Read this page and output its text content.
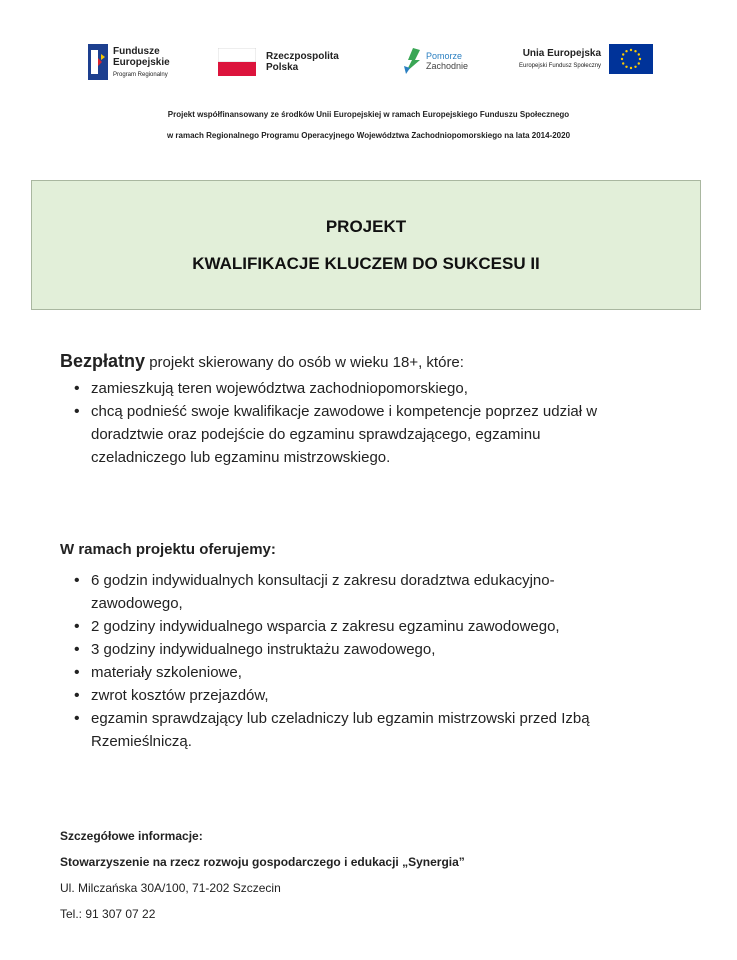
Fundusze
Europejskie
Program Regionalny
Rzeczpospolita
Polska
Pomorze
Zachodnie
Unia Europejska
Europejski Fundusz Społeczny
Projekt współfinansowany ze środków Unii Europejskiej w ramach Europejskiego Funduszu Społecznego
w ramach Regionalnego Programu Operacyjnego Województwa Zachodniopomorskiego na lata 2014-2020
PROJEKT
KWALIFIKACJE KLUCZEM DO SUKCESU II
Bezpłatny projekt skierowany do osób w wieku 18+, które:
• zamieszkują teren województwa zachodniopomorskiego,
• chcą podnieść swoje kwalifikacje zawodowe i kompetencje poprzez udział w doradztwie oraz podejście do egzaminu sprawdzającego, egzaminu czeladniczego lub egzaminu mistrzowskiego.
W ramach projektu oferujemy:
• 6 godzin indywidualnych konsultacji z zakresu doradztwa edukacyjno-zawodowego,
• 2 godziny indywidualnego wsparcia z zakresu egzaminu zawodowego,
• 3 godziny indywidualnego instruktażu zawodowego,
• materiały szkoleniowe,
• zwrot kosztów przejazdów,
• egzamin sprawdzający lub czeladniczy lub egzamin mistrzowski przed Izbą Rzemieślniczą.
Szczegółowe informacje:
Stowarzyszenie na rzecz rozwoju gospodarczego i edukacji „Synergia”
Ul. Milczańska 30A/100, 71-202 Szczecin
Tel.: 91 307 07 22
